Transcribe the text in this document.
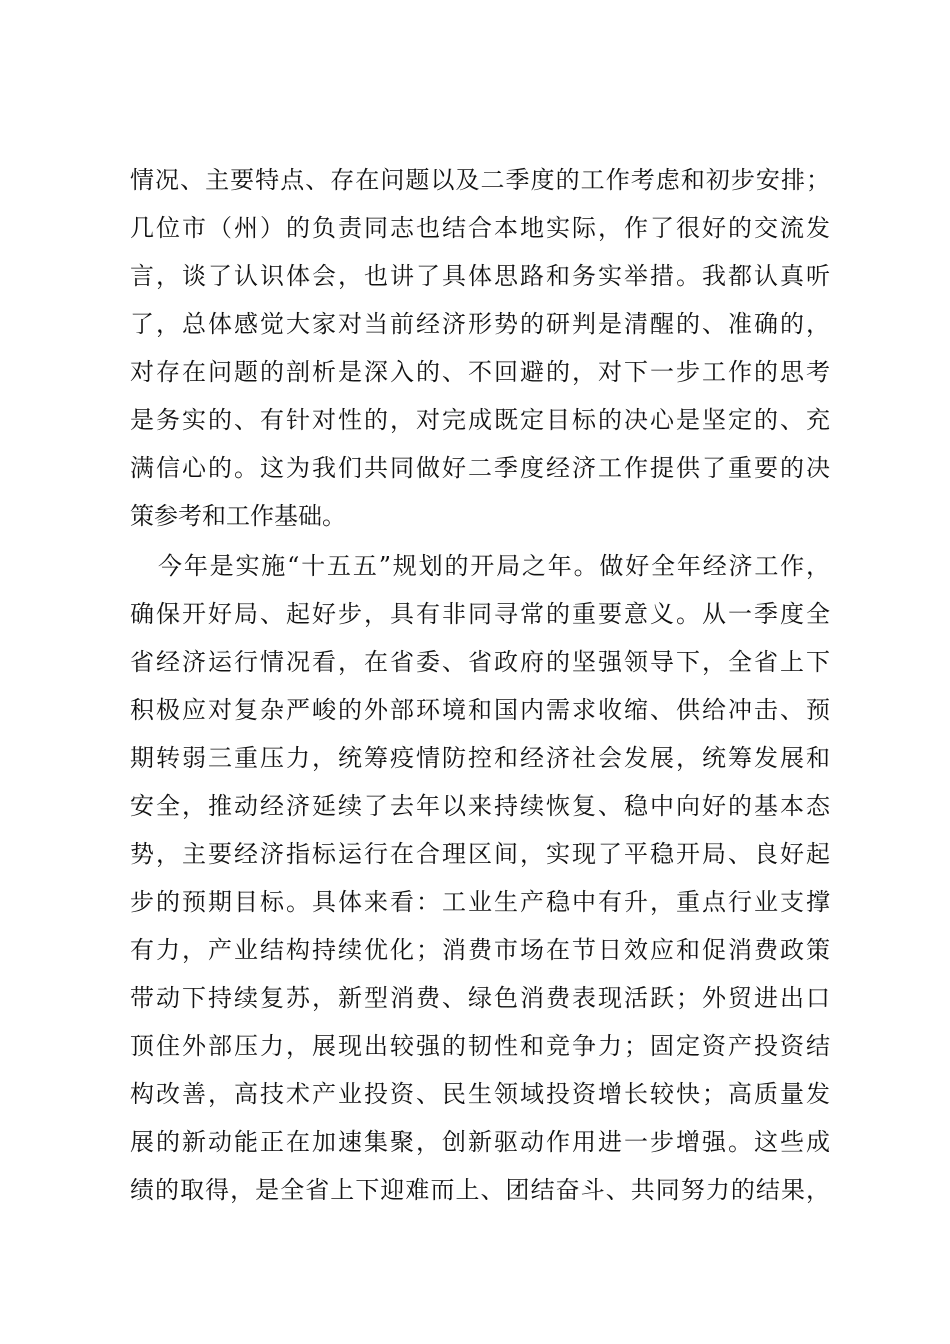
情况、主要特点、存在问题以及二季度的工作考虑和初步安排；
几位市（州）的负责同志也结合本地实际，作了很好的交流发
言，谈了认识体会，也讲了具体思路和务实举措。我都认真听
了，总体感觉大家对当前经济形势的研判是清醒的、准确的，
对存在问题的剖析是深入的、不回避的，对下一步工作的思考
是务实的、有针对性的，对完成既定目标的决心是坚定的、充
满信心的。这为我们共同做好二季度经济工作提供了重要的决
策参考和工作基础。
今年是实施“十五五”规划的开局之年。做好全年经济工作，
确保开好局、起好步，具有非同寻常的重要意义。从一季度全
省经济运行情况看，在省委、省政府的坚强领导下，全省上下
积极应对复杂严峻的外部环境和国内需求收缩、供给冲击、预
期转弱三重压力，统筹疫情防控和经济社会发展，统筹发展和
安全，推动经济延续了去年以来持续恢复、稳中向好的基本态
势，主要经济指标运行在合理区间，实现了平稳开局、良好起
步的预期目标。具体来看：工业生产稳中有升，重点行业支撑
有力，产业结构持续优化；消费市场在节日效应和促消费政策
带动下持续复苏，新型消费、绿色消费表现活跃；外贸进出口
顶住外部压力，展现出较强的韧性和竞争力；固定资产投资结
构改善，高技术产业投资、民生领域投资增长较快；高质量发
展的新动能正在加速集聚，创新驱动作用进一步增强。这些成
绩的取得，是全省上下迎难而上、团结奋斗、共同努力的结果，
